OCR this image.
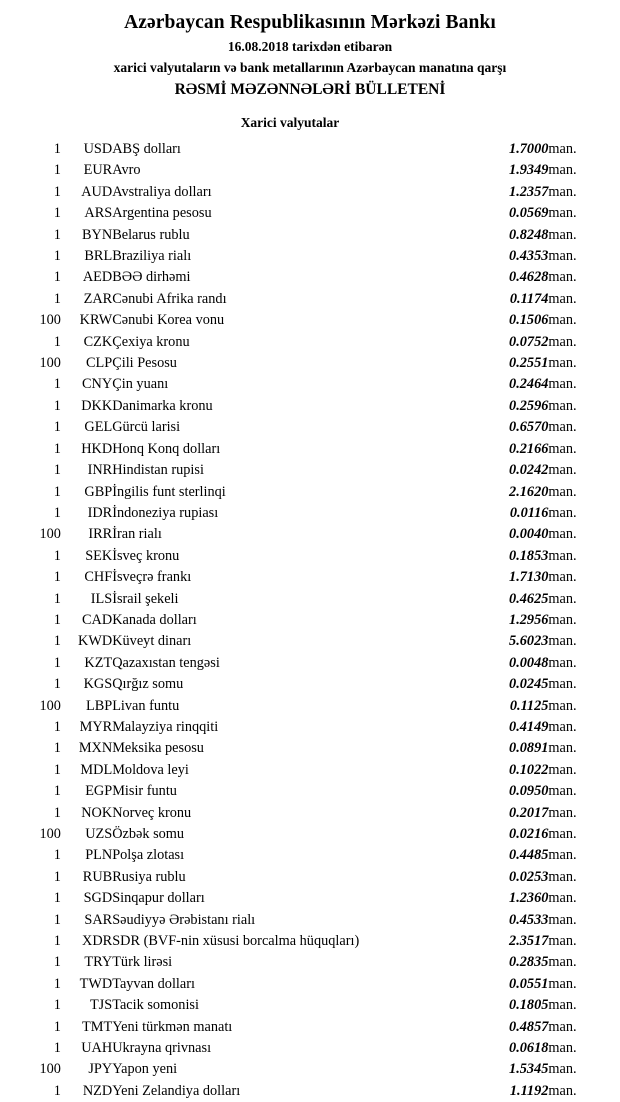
Azərbaycan Respublikasının Mərkəzi Bankı
16.08.2018 tarixdən etibarən
xarici valyutaların və bank metallarının Azərbaycan manatına qarşı
RƏSMİ MƏZƏNNƏLƏRİ BÜLLETENİ
Xarici valyutalar
1	USD	ABŞ dolları	1.7000	man.
1	EUR	Avro	1.9349	man.
1	AUD	Avstraliya dolları	1.2357	man.
1	ARS	Argentina pesosu	0.0569	man.
1	BYN	Belarus rublu	0.8248	man.
1	BRL	Braziliya rialı	0.4353	man.
1	AED	BƏƏ dirhəmi	0.4628	man.
1	ZAR	Cənubi Afrika randı	0.1174	man.
100	KRW	Cənubi Korea vonu	0.1506	man.
1	CZK	Çexiya kronu	0.0752	man.
100	CLP	Çili Pesosu	0.2551	man.
1	CNY	Çin yuanı	0.2464	man.
1	DKK	Danimarka kronu	0.2596	man.
1	GEL	Gürcü larisi	0.6570	man.
1	HKD	Honq Konq dolları	0.2166	man.
1	INR	Hindistan rupisi	0.0242	man.
1	GBP	İngilis funt sterlinqi	2.1620	man.
1	IDR	İndoneziya rupiası	0.0116	man.
100	IRR	İran rialı	0.0040	man.
1	SEK	İsveç kronu	0.1853	man.
1	CHF	İsveçrə frankı	1.7130	man.
1	ILS	İsrail şekeli	0.4625	man.
1	CAD	Kanada dolları	1.2956	man.
1	KWD	Küveyt dinarı	5.6023	man.
1	KZT	Qazaxıstan tengəsi	0.0048	man.
1	KGS	Qırğız somu	0.0245	man.
100	LBP	Livan funtu	0.1125	man.
1	MYR	Malayziya rinqqiti	0.4149	man.
1	MXN	Meksika pesosu	0.0891	man.
1	MDL	Moldova leyi	0.1022	man.
1	EGP	Misir funtu	0.0950	man.
1	NOK	Norveç kronu	0.2017	man.
100	UZS	Özbək somu	0.0216	man.
1	PLN	Polşa zlotası	0.4485	man.
1	RUB	Rusiya rublu	0.0253	man.
1	SGD	Sinqapur dolları	1.2360	man.
1	SAR	Səudiyyə Ərəbistanı rialı	0.4533	man.
1	XDR	SDR (BVF-nin xüsusi borcalma hüquqları)	2.3517	man.
1	TRY	Türk lirəsi	0.2835	man.
1	TWD	Tayvan dolları	0.0551	man.
1	TJS	Tacik somonisi	0.1805	man.
1	TMT	Yeni türkmən manatı	0.4857	man.
1	UAH	Ukrayna qrivnası	0.0618	man.
100	JPY	Yapon yeni	1.5345	man.
1	NZD	Yeni Zelandiya dolları	1.1192	man.
